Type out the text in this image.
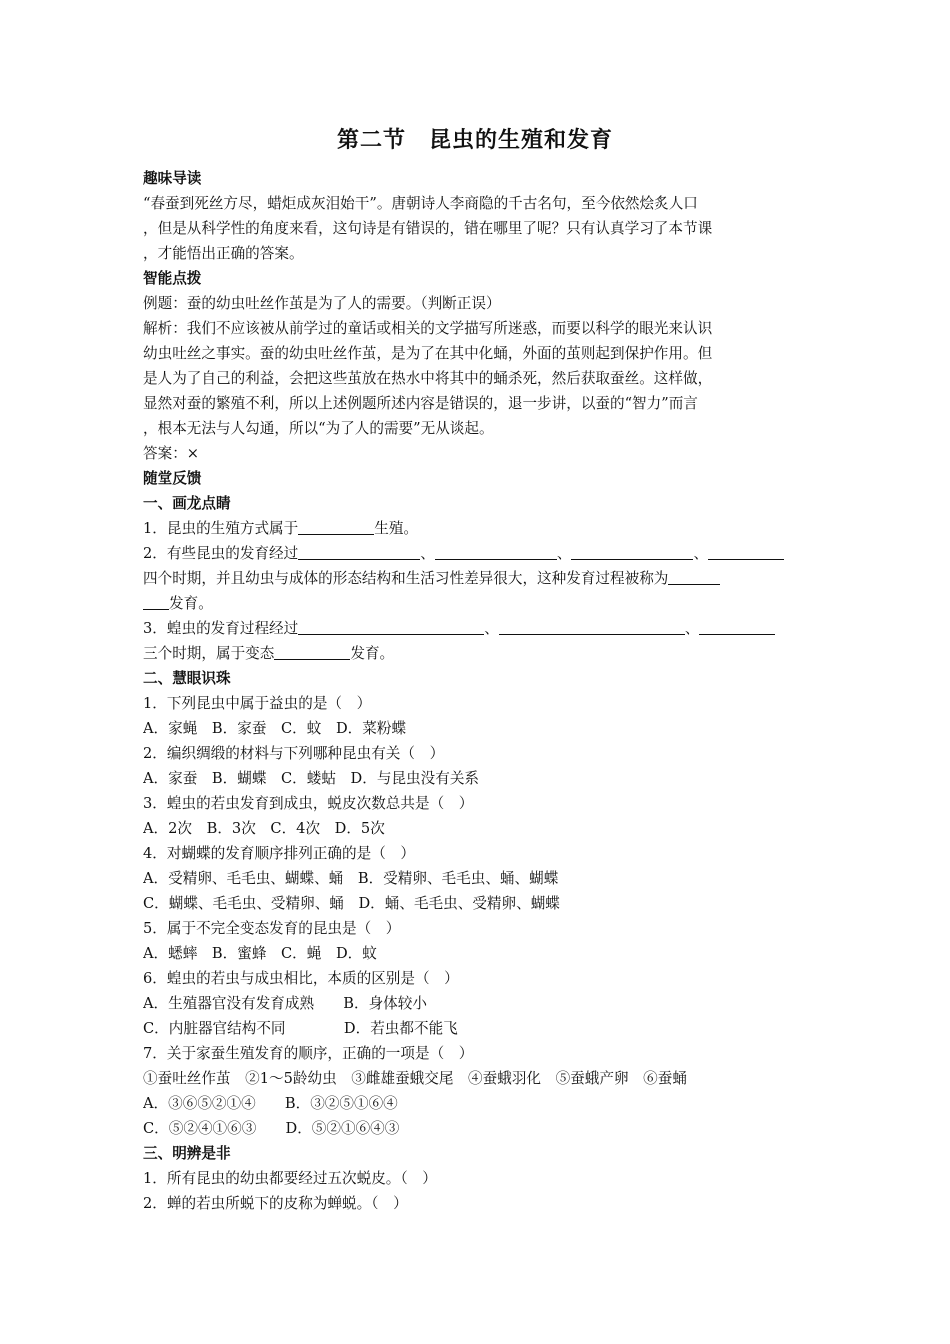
第二节　昆虫的生殖和发育
趣味导读
“春蚕到死丝方尽，蜡炬成灰泪始干”。唐朝诗人李商隐的千古名句，至今依然烩炙人口
，但是从科学性的角度来看，这句诗是有错误的，错在哪里了呢？只有认真学习了本节课
，才能悟出正确的答案。
智能点拨
例题：蚕的幼虫吐丝作茧是为了人的需要。（判断正误）
解析：我们不应该被从前学过的童话或相关的文学描写所迷惑，而要以科学的眼光来认识
幼虫吐丝之事实。蚕的幼虫吐丝作茧，是为了在其中化蛹，外面的茧则起到保护作用。但
是人为了自己的利益，会把这些茧放在热水中将其中的蛹杀死，然后获取蚕丝。这样做，
显然对蚕的繁殖不利，所以上述例题所述内容是错误的，退一步讲，以蚕的“智力”而言
，根本无法与人勾通，所以“为了人的需要”无从谈起。
答案：×
随堂反馈
一、画龙点睛
1．昆虫的生殖方式属于	生殖。
2．有些昆虫的发育经过	、	、	、
四个时期，并且幼虫与成体的形态结构和生活习性差异很大，这种发育过程被称为
发育。
3．蝗虫的发育过程经过	、	、
三个时期，属于变态	发育。
二、慧眼识珠
1．下列昆虫中属于益虫的是（　）
A．家蝇　B．家蚕　C．蚊　D．菜粉蝶
2．编织绸缎的材料与下列哪种昆虫有关（　）
A．家蚕　B．蝴蝶　C．蝼蛄　D．与昆虫没有关系
3．蝗虫的若虫发育到成虫，蜕皮次数总共是（　）
A．2次　B．3次　C．4次　D．5次
4．对蝴蝶的发育顺序排列正确的是（　）
A．受精卵、毛毛虫、蝴蝶、蛹　B．受精卵、毛毛虫、蛹、蝴蝶
C．蝴蝶、毛毛虫、受精卵、蛹　D．蛹、毛毛虫、受精卵、蝴蝶
5．属于不完全变态发育的昆虫是（　）
A．蟋蟀　B．蜜蜂　C．蝇　D．蚊
6．蝗虫的若虫与成虫相比，本质的区别是（　）
A．生殖器官没有发育成熟 B．身体较小
C．内脏器官结构不同	D．若虫都不能飞
7．关于家蚕生殖发育的顺序，正确的一项是（　）
①蚕吐丝作茧　②1～5龄幼虫　③雌雄蚕蛾交尾　④蚕蛾羽化　⑤蚕蛾产卵　⑥蚕蛹
A．③⑥⑤②①④ B．③②⑤①⑥④
C．⑤②④①⑥③ D．⑤②①⑥④③
三、明辨是非
1．所有昆虫的幼虫都要经过五次蜕皮。（　）
2．蝉的若虫所蜕下的皮称为蝉蜕。（　）
